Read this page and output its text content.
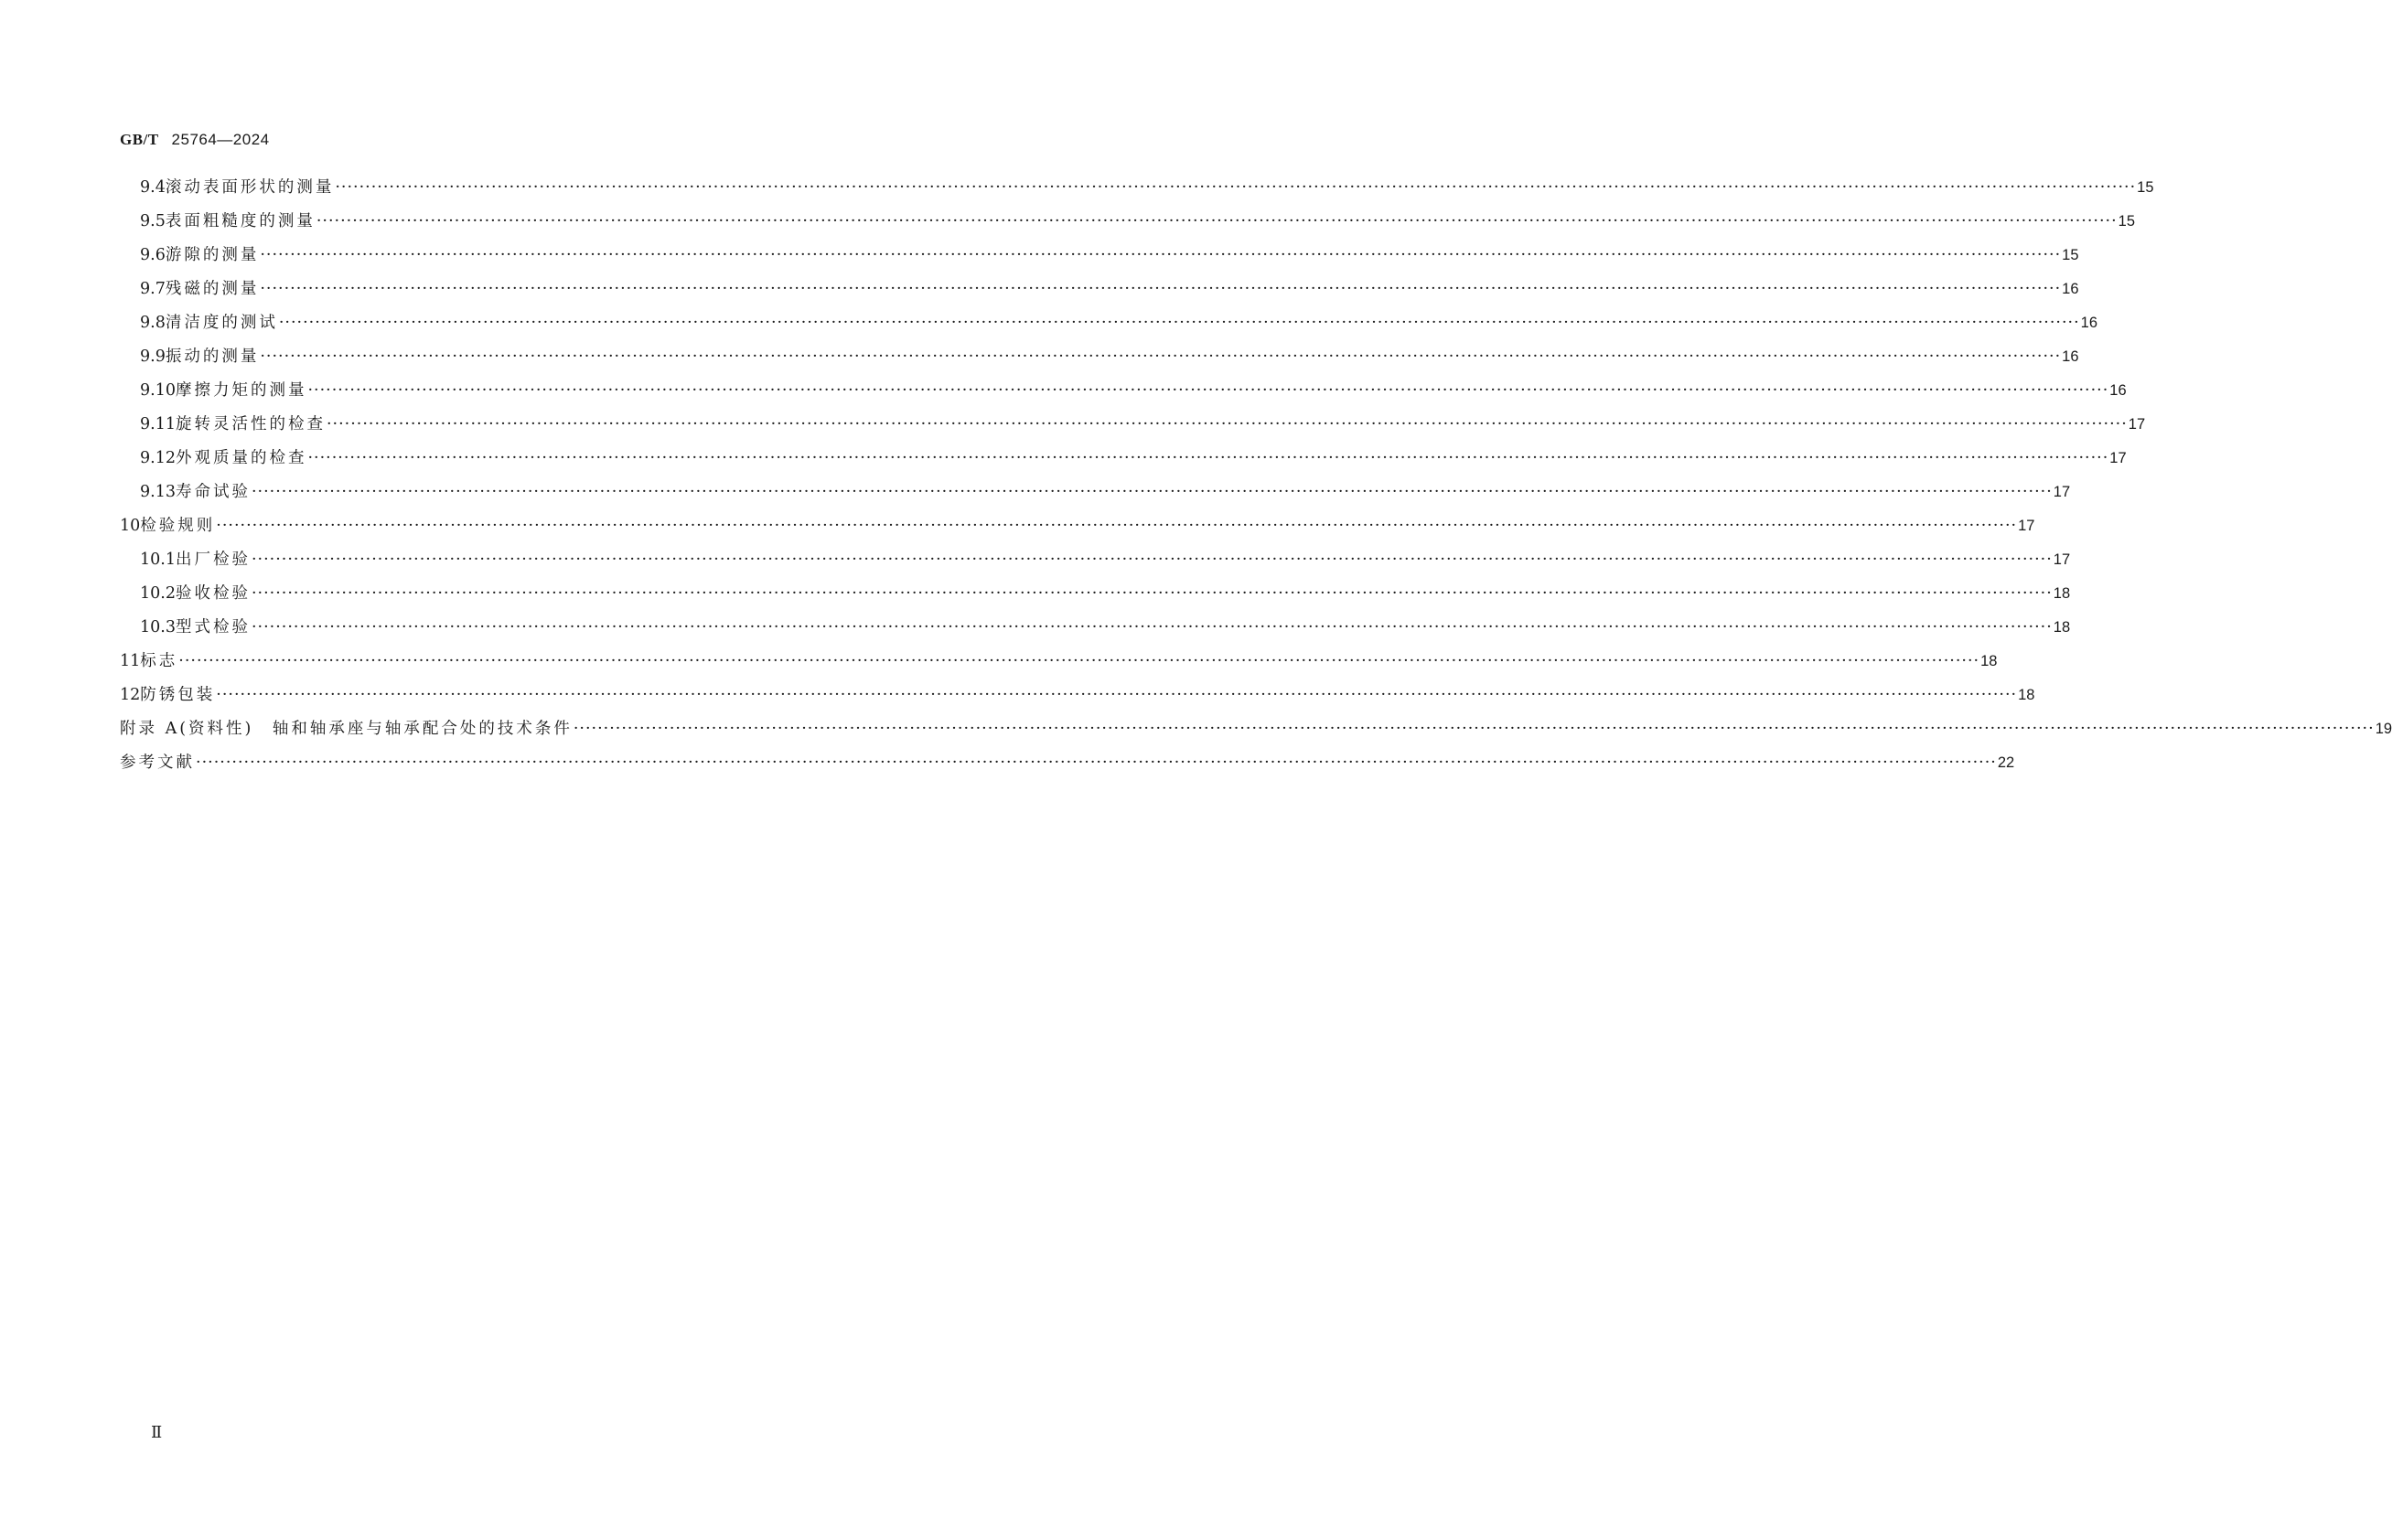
GB/T 25764—2024
9.4 滚动表面形状的测量 ············································································································································································································································································································ 15
9.5 表面粗糙度的测量 ············································································································································································································································································································ 15
9.6 游隙的测量 ············································································································································································································································································································ 15
9.7 残磁的测量 ············································································································································································································································································································ 16
9.8 清洁度的测试 ············································································································································································································································································································ 16
9.9 振动的测量 ············································································································································································································································································································ 16
9.10 摩擦力矩的测量 ············································································································································································································································································································ 16
9.11 旋转灵活性的检查 ············································································································································································································································································································ 17
9.12 外观质量的检查 ············································································································································································································································································································ 17
9.13 寿命试验 ············································································································································································································································································································ 17
10 检验规则 ············································································································································································································································································································ 17
10.1 出厂检验 ············································································································································································································································································································ 17
10.2 验收检验 ············································································································································································································································································································ 18
10.3 型式检验 ············································································································································································································································································································ 18
11 标志 ············································································································································································································································································································ 18
12 防锈包装 ············································································································································································································································································································ 18
附录 A(资料性)　轴和轴承座与轴承配合处的技术条件 ············································································································································································································································································································ 19
参考文献 ············································································································································································································································································································ 22
Ⅱ
